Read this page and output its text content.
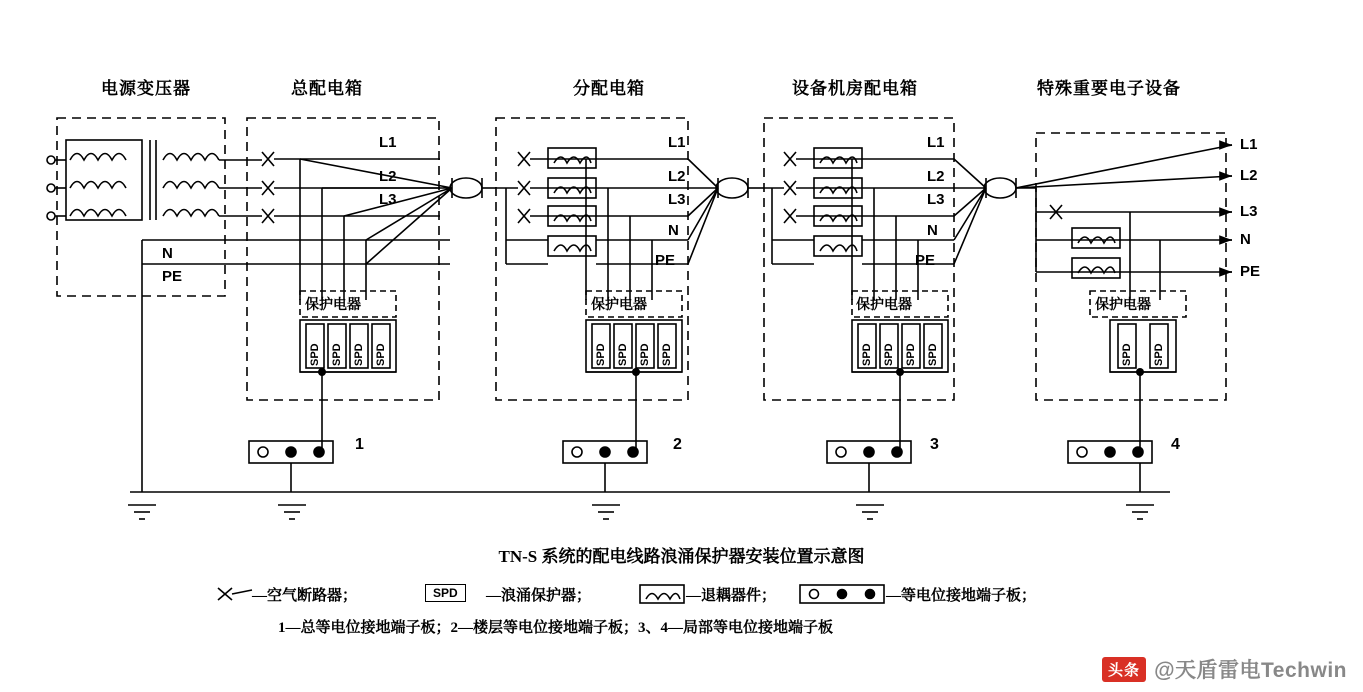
电源变压器	总配电箱	分配电箱	设备机房配电箱	特殊重要电子设备
L1
L2
L3
N
PE
L1
L2
L3
N
PE
L1
L2
L3
N
PE
L1
L2
L3
N
PE
保护电器	保护电器	保护电器	保护电器
SPD SPD SPD SPD	SPD SPD SPD SPD	SPD SPD SPD SPD	SPD SPD
1	2	3	4
TN-S 系统的配电线路浪涌保护器安装位置示意图
—空气断路器；	SPD	—浪涌保护器；	—退耦器件；	—等电位接地端子板；
1—总等电位接地端子板；2—楼层等电位接地端子板；3、4—局部等电位接地端子板
头条 @天盾雷电Techwin
